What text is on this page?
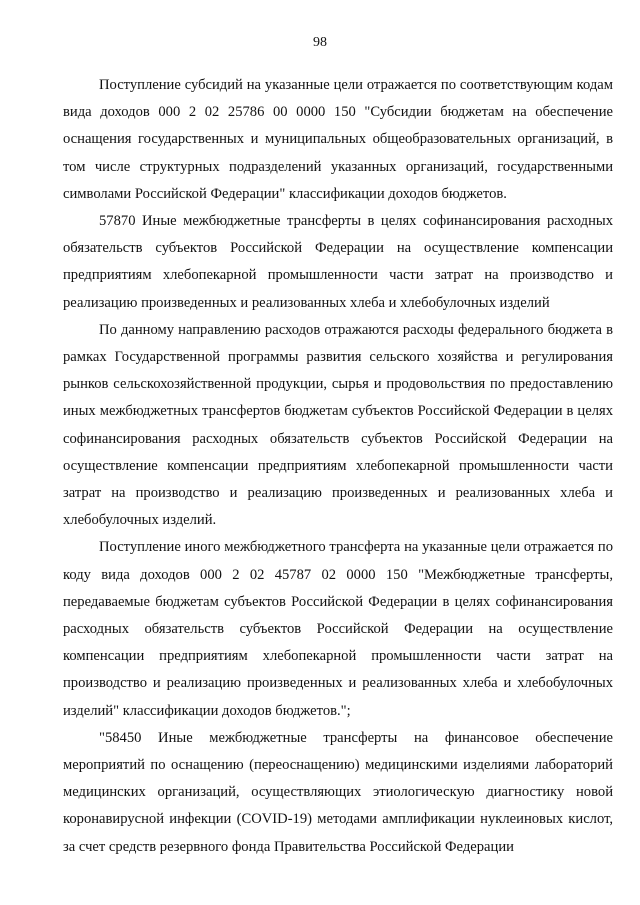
98

Поступление субсидий на указанные цели отражается по соответствующим кодам вида доходов 000 2 02 25786 00 0000 150 "Субсидии бюджетам на обеспечение оснащения государственных и муниципальных общеобразовательных организаций, в том числе структурных подразделений указанных организаций, государственными символами Российской Федерации" классификации доходов бюджетов.

57870 Иные межбюджетные трансферты в целях софинансирования расходных обязательств субъектов Российской Федерации на осуществление компенсации предприятиям хлебопекарной промышленности части затрат на производство и реализацию произведенных и реализованных хлеба и хлебобулочных изделий

По данному направлению расходов отражаются расходы федерального бюджета в рамках Государственной программы развития сельского хозяйства и регулирования рынков сельскохозяйственной продукции, сырья и продовольствия по предоставлению иных межбюджетных трансфертов бюджетам субъектов Российской Федерации в целях софинансирования расходных обязательств субъектов Российской Федерации на осуществление компенсации предприятиям хлебопекарной промышленности части затрат на производство и реализацию произведенных и реализованных хлеба и хлебобулочных изделий.

Поступление иного межбюджетного трансферта на указанные цели отражается по коду вида доходов 000 2 02 45787 02 0000 150 "Межбюджетные трансферты, передаваемые бюджетам субъектов Российской Федерации в целях софинансирования расходных обязательств субъектов Российской Федерации на осуществление компенсации предприятиям хлебопекарной промышленности части затрат на производство и реализацию произведенных и реализованных хлеба и хлебобулочных изделий" классификации доходов бюджетов.";

"58450 Иные межбюджетные трансферты на финансовое обеспечение мероприятий по оснащению (переоснащению) медицинскими изделиями лабораторий медицинских организаций, осуществляющих этиологическую диагностику новой коронавирусной инфекции (COVID-19) методами амплификации нуклеиновых кислот, за счет средств резервного фонда Правительства Российской Федерации
